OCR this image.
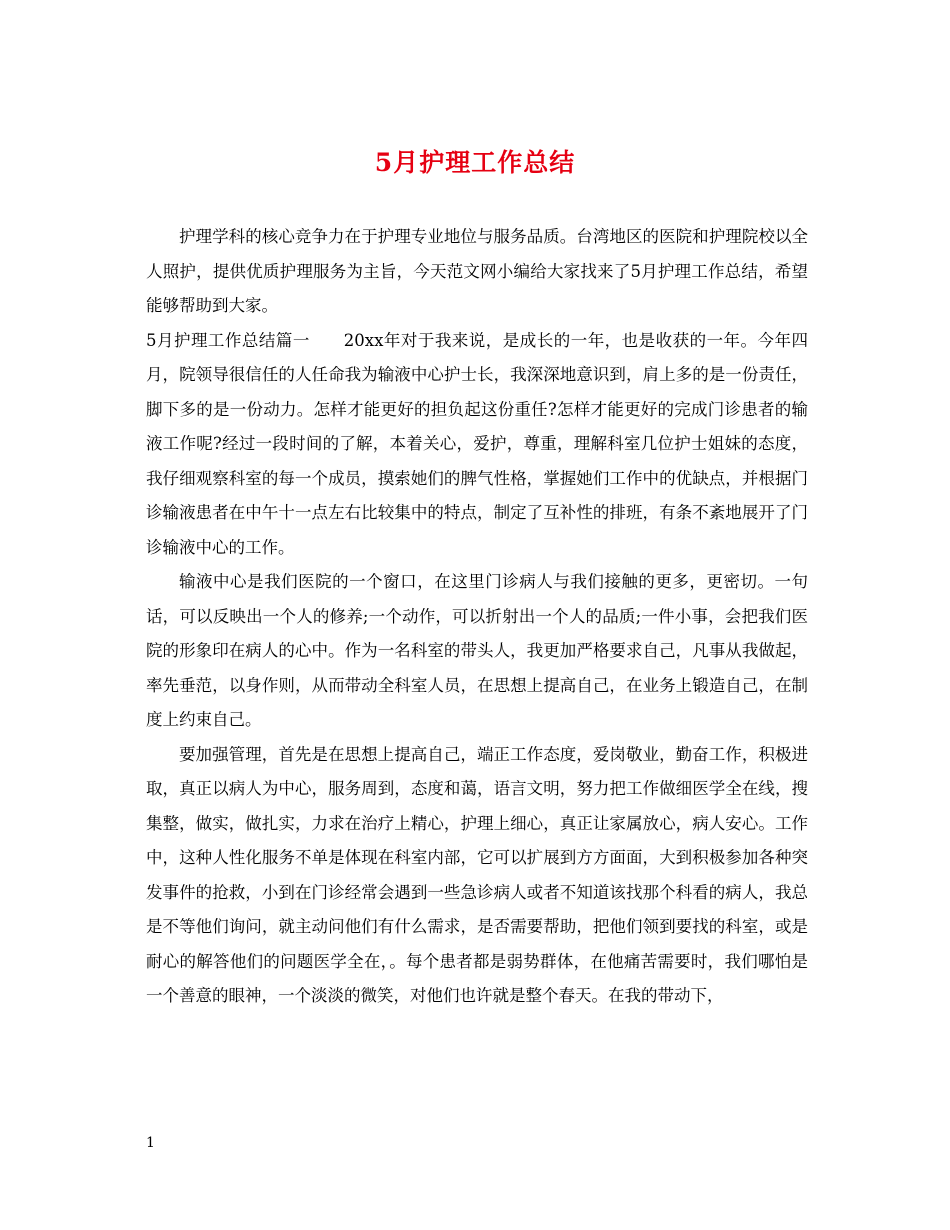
5月护理工作总结

护理学科的核心竞争力在于护理专业地位与服务品质。台湾地区的医院和护理院校以全人照护，提供优质护理服务为主旨，今天范文网小编给大家找来了5月护理工作总结，希望能够帮助到大家。

5月护理工作总结篇一　　20xx年对于我来说，是成长的一年，也是收获的一年。今年四月，院领导很信任的人任命我为输液中心护士长，我深深地意识到，肩上多的是一份责任，脚下多的是一份动力。怎样才能更好的担负起这份重任?怎样才能更好的完成门诊患者的输液工作呢?经过一段时间的了解，本着关心，爱护，尊重，理解科室几位护士姐妹的态度，我仔细观察科室的每一个成员，摸索她们的脾气性格，掌握她们工作中的优缺点，并根据门诊输液患者在中午十一点左右比较集中的特点，制定了互补性的排班，有条不紊地展开了门诊输液中心的工作。

输液中心是我们医院的一个窗口，在这里门诊病人与我们接触的更多，更密切。一句话，可以反映出一个人的修养;一个动作，可以折射出一个人的品质;一件小事，会把我们医院的形象印在病人的心中。作为一名科室的带头人，我更加严格要求自己，凡事从我做起，率先垂范，以身作则，从而带动全科室人员，在思想上提高自己，在业务上锻造自己，在制度上约束自己。

要加强管理，首先是在思想上提高自己，端正工作态度，爱岗敬业，勤奋工作，积极进取，真正以病人为中心，服务周到，态度和蔼，语言文明，努力把工作做细医学全在线，搜集整，做实，做扎实，力求在治疗上精心，护理上细心，真正让家属放心，病人安心。工作中，这种人性化服务不单是体现在科室内部，它可以扩展到方方面面，大到积极参加各种突发事件的抢救，小到在门诊经常会遇到一些急诊病人或者不知道该找那个科看的病人，我总是不等他们询问，就主动问他们有什么需求，是否需要帮助，把他们领到要找的科室，或是耐心的解答他们的问题医学全在，。每个患者都是弱势群体，在他痛苦需要时，我们哪怕是一个善意的眼神，一个淡淡的微笑，对他们也许就是整个春天。在我的带动下，

1
